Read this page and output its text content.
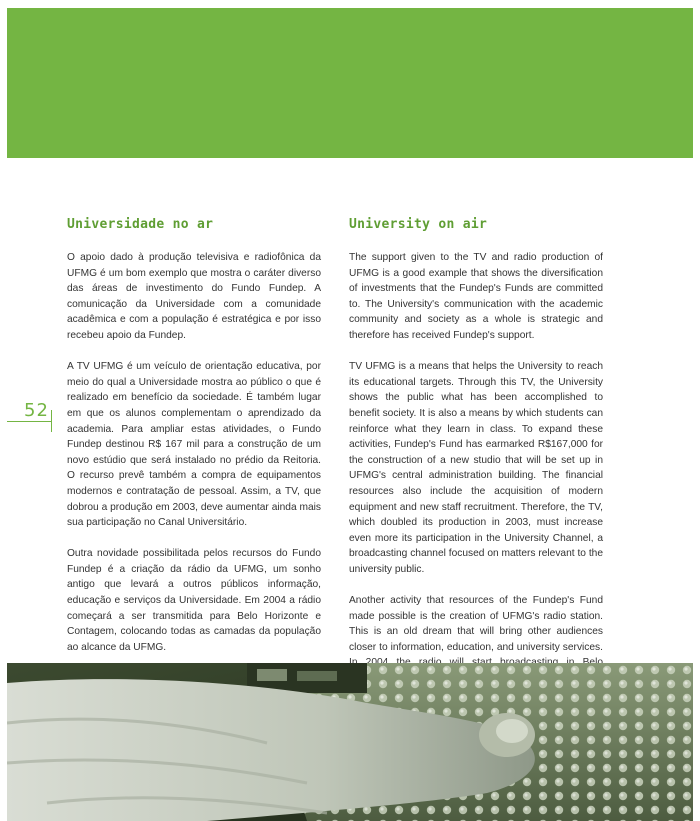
52
Universidade no ar

O apoio dado à produção televisiva e radiofônica da UFMG é um bom exemplo que mostra o caráter diverso das áreas de investimento do Fundo Fundep. A comunicação da Universidade com a comunidade acadêmica e com a população é estratégica e por isso recebeu apoio da Fundep.

A TV UFMG é um veículo de orientação educativa, por meio do qual a Universidade mostra ao público o que é realizado em benefício da sociedade. É também lugar em que os alunos complementam o aprendizado da academia. Para ampliar estas atividades, o Fundo Fundep destinou R$ 167 mil para a construção de um novo estúdio que será instalado no prédio da Reitoria. O recurso prevê também a compra de equipamentos modernos e contratação de pessoal. Assim, a TV, que dobrou a produção em 2003, deve aumentar ainda mais sua participação no Canal Universitário.

Outra novidade possibilitada pelos recursos do Fundo Fundep é a criação da rádio da UFMG, um sonho antigo que levará a outros públicos informação, educação e serviços da Universidade. Em 2004 a rádio começará a ser transmitida para Belo Horizonte e Contagem, colocando todas as camadas da população ao alcance da UFMG.

University on air

The support given to the TV and radio production of UFMG is a good example that shows the diversification of investments that the Fundep's Funds are committed to. The University's communication with the academic community and society as a whole is strategic and therefore has received Fundep's support.

TV UFMG is a means that helps the University to reach its educational targets. Through this TV, the University shows the public what has been accomplished to benefit society. It is also a means by which students can reinforce what they learn in class. To expand these activities, Fundep's Fund has earmarked R$167,000 for the construction of a new studio that will be set up in UFMG's central administration building. The financial resources also include the acquisition of modern equipment and new staff recruitment. Therefore, the TV, which doubled its production in 2003, must increase even more its participation in the University Channel, a broadcasting channel focused on matters relevant to the university public.

Another activity that resources of the Fundep's Fund made possible is the creation of UFMG's radio station. This is an old dream that will bring other audiences closer to information, education, and university services.
